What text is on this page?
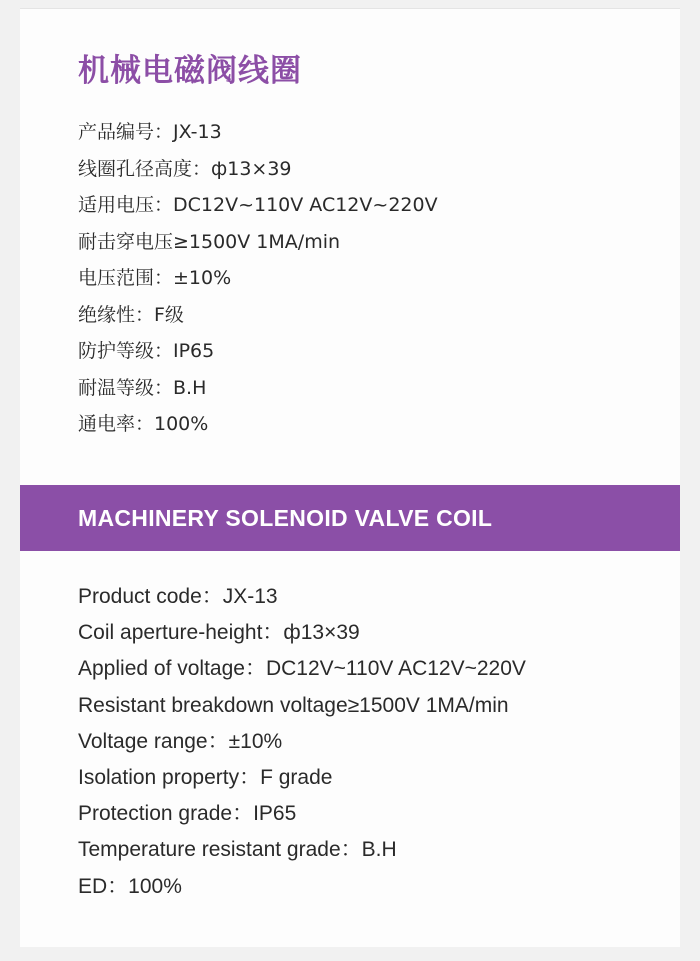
机械电磁阀线圈
产品编号：JX-13
线圈孔径高度：ф13×39
适用电压：DC12V~110V AC12V~220V
耐击穿电压≥1500V 1MA/min
电压范围：±10%
绝缘性：F级
防护等级：IP65
耐温等级：B.H
通电率：100%
MACHINERY SOLENOID VALVE COIL
Product code：JX-13
Coil aperture-height：ф13×39
Applied of voltage：DC12V~110V AC12V~220V
Resistant breakdown voltage≥1500V 1MA/min
Voltage range：±10%
Isolation property：F grade
Protection grade：IP65
Temperature resistant grade：B.H
ED：100%
